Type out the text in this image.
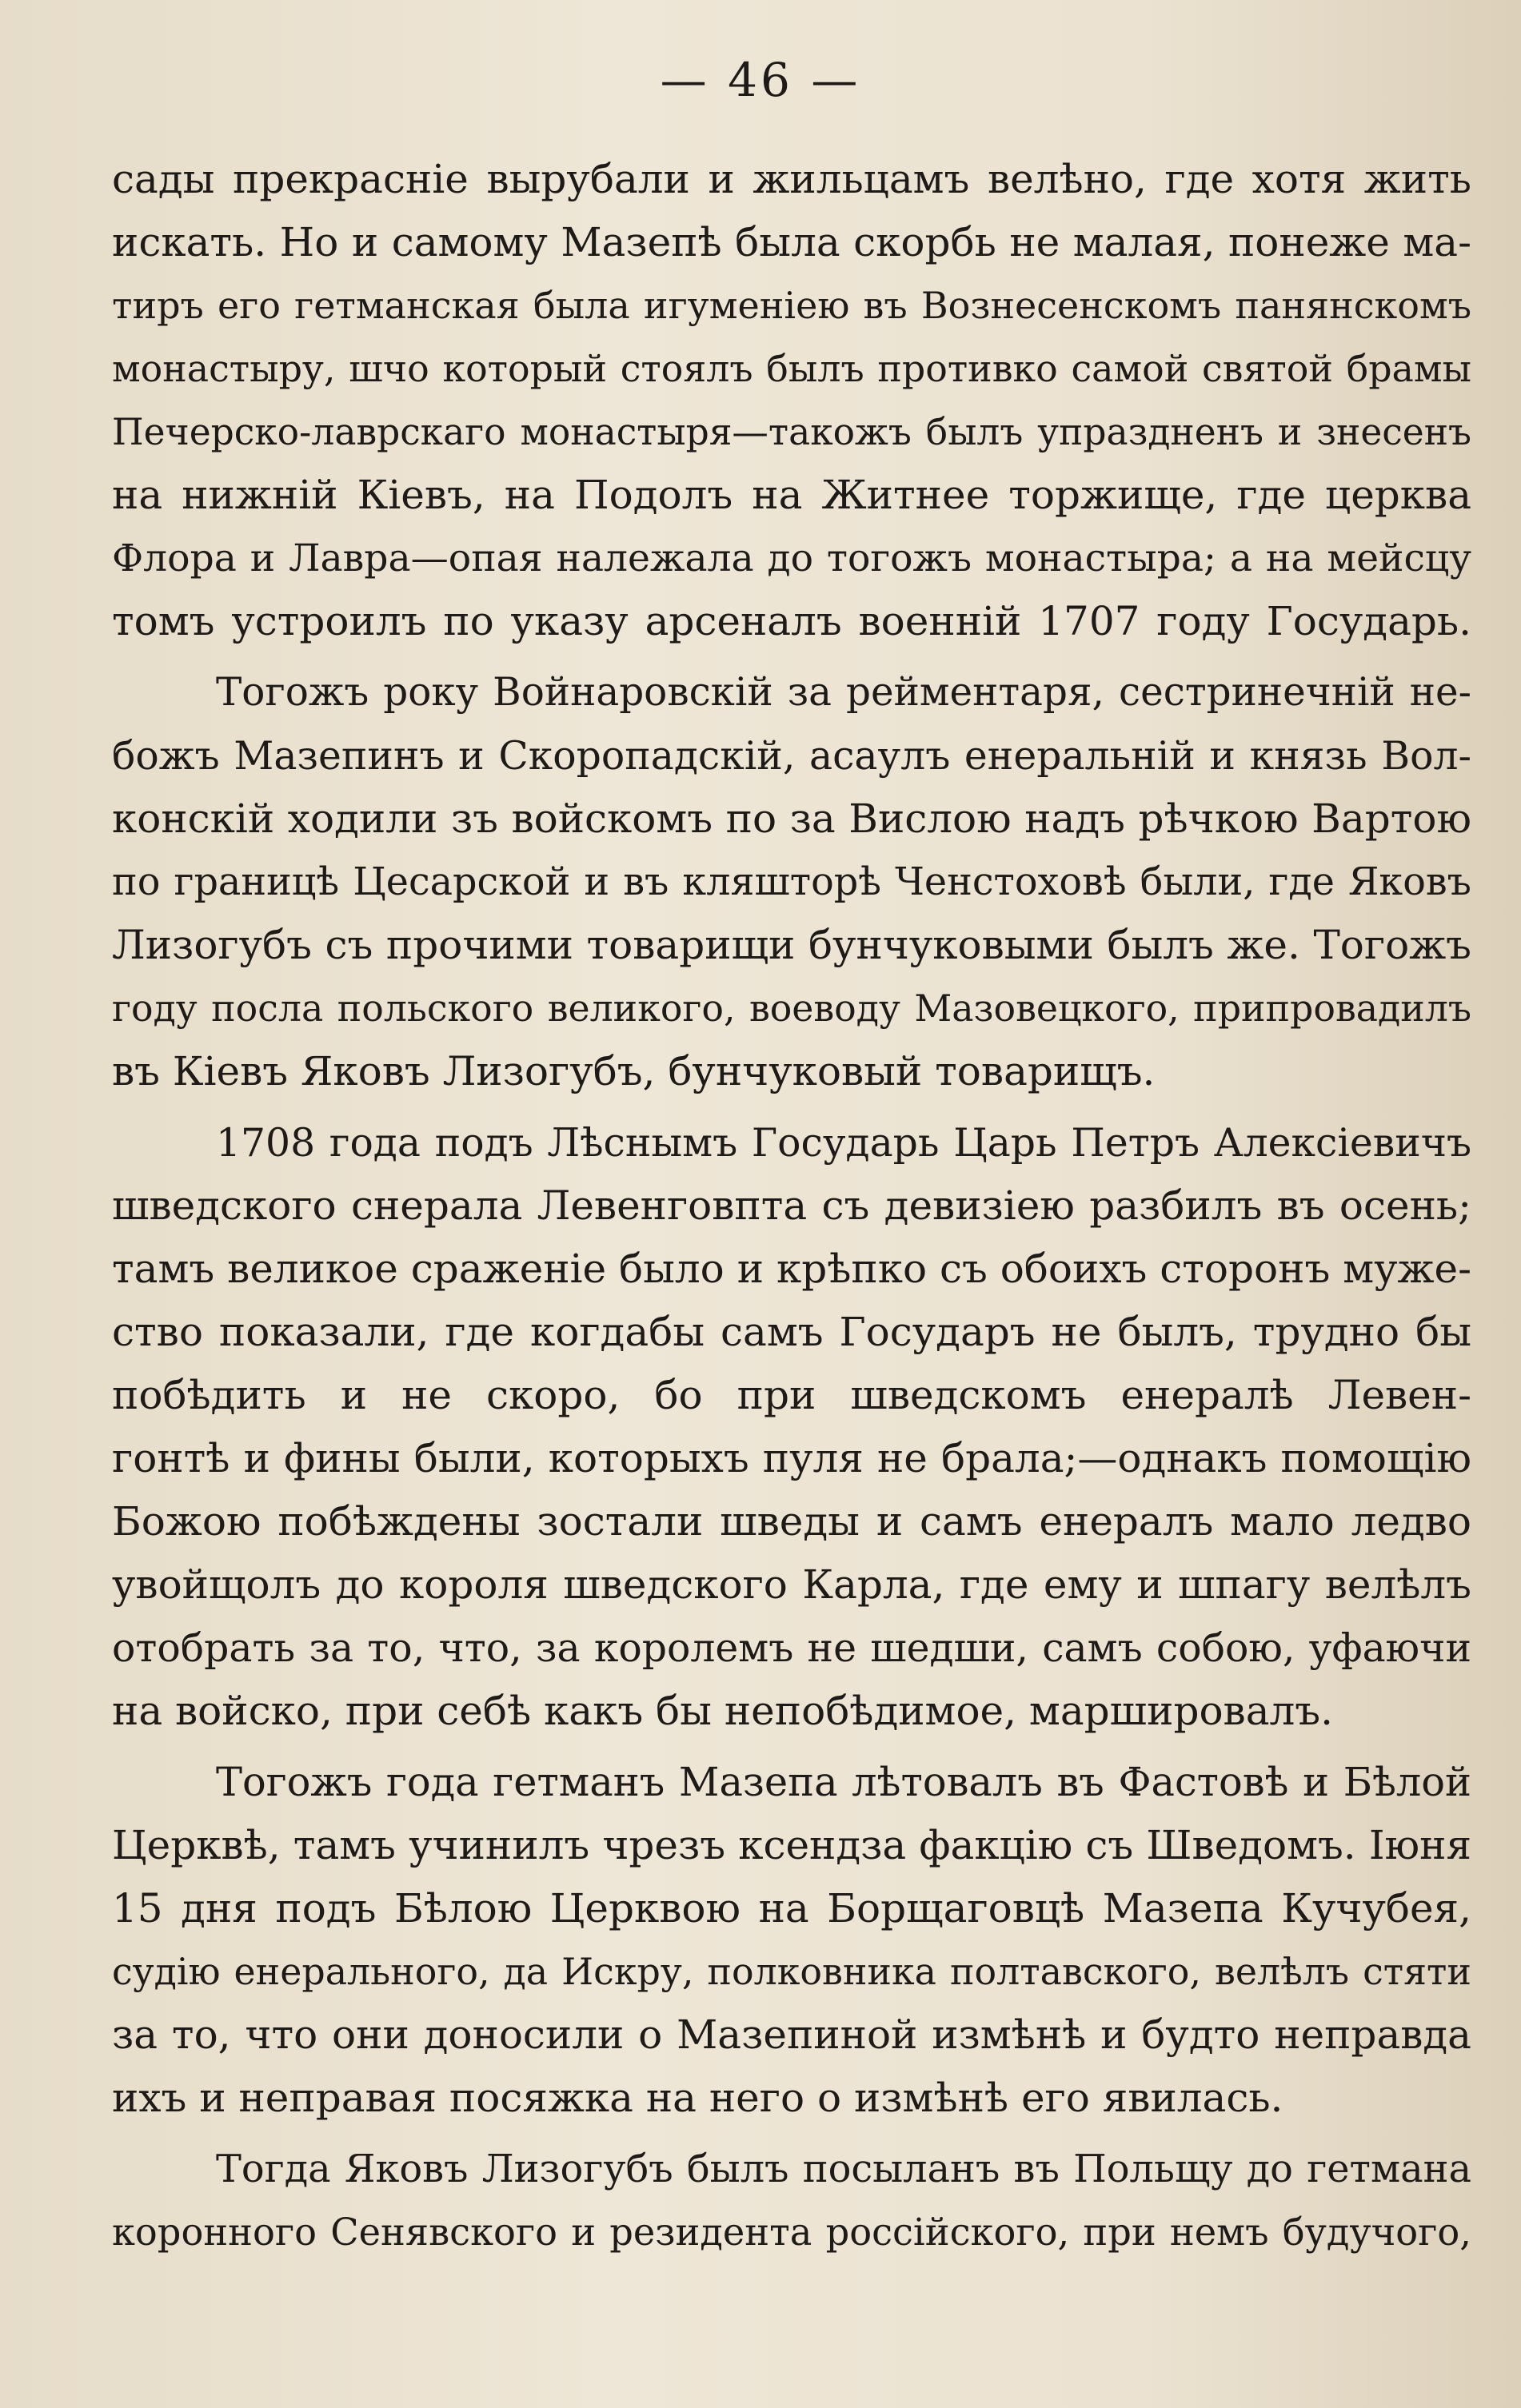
— 46 —
сады прекрасніе вырубали и жильцамъ велѣно, где хотя жить
искать. Но и самому Мазепѣ была скорбь не малая, понеже ма-
тиръ его гетманская была игуменіею въ Вознесенскомъ панянскомъ
монастыру, шчо который стоялъ былъ противко самой святой брамы
Печерско-лаврскаго монастыря—такожъ былъ упраздненъ и знесенъ
на нижній Кіевъ, на Подолъ на Житнее торжище, где церква
Флора и Лавра—опая належала до тогожъ монастыра; а на мейсцу
томъ устроилъ по указу арсеналъ военній 1707 году Государь.
Тогожъ року Войнаровскій за рейментаря, сестринечній не-
божъ Мазепинъ и Скоропадскій, асаулъ енеральній и князь Вол-
конскій ходили зъ войскомъ по за Вислою надъ рѣчкою Вартою
по границѣ Цесарской и въ кляшторѣ Ченстоховѣ были, где Яковъ
Лизогубъ съ прочими товарищи бунчуковыми былъ же. Тогожъ
году посла польского великого, воеводу Мазовецкого, припровадилъ
въ Кіевъ Яковъ Лизогубъ, бунчуковый товарищъ.
1708 года подъ Лѣснымъ Государь Царь Петръ Алексіевичъ
шведского снерала Левенговпта съ девизіею разбилъ въ осень;
тамъ великое сраженіе было и крѣпко съ обоихъ сторонъ муже-
ство показали, где когдабы самъ Государъ не былъ, трудно бы
побѣдить и не скоро, бо при шведскомъ енералѣ Левен-
гонтѣ и фины были, которыхъ пуля не брала;—однакъ помощію
Божою побѣждены зостали шведы и самъ енералъ мало ледво
увойщолъ до короля шведского Карла, где ему и шпагу велѣлъ
отобрать за то, что, за королемъ не шедши, самъ собою, уфаючи
на войско, при себѣ какъ бы непобѣдимое, маршировалъ.
Тогожъ года гетманъ Мазепа лѣтовалъ въ Фастовѣ и Бѣлой
Церквѣ, тамъ учинилъ чрезъ ксендза факцію съ Шведомъ. Іюня
15 дня подъ Бѣлою Церквою на Борщаговцѣ Мазепа Кучубея,
судію енерального, да Искру, полковника полтавского, велѣлъ стяти
за то, что они доносили о Мазепиной измѣнѣ и будто неправда
ихъ и неправая посяжка на него о измѣнѣ его явилась.
Тогда Яковъ Лизогубъ былъ посыланъ въ Польщу до гетмана
коронного Сенявского и резидента россійского, при немъ будучого,
